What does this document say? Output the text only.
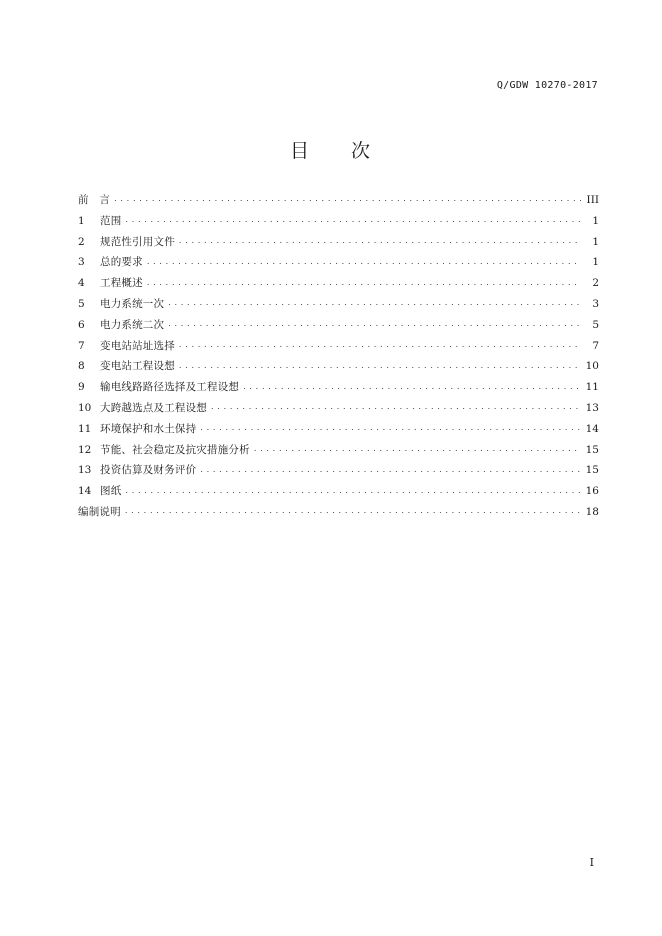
Q/GDW 10270-2017
目 次
前　言 . . .	III
1	范围 . . .	1
2	规范性引用文件 . . .	1
3	总的要求 . . .	1
4	工程概述 . . .	2
5	电力系统一次 . . .	3
6	电力系统二次 . . .	5
7	变电站站址选择 . . .	7
8	变电站工程设想 . . .	10
9	输电线路路径选择及工程设想 . . .	11
10 大跨越选点及工程设想 . . .	13
11 环境保护和水土保持 . . .	14
12 节能、社会稳定及抗灾措施分析 . . .	15
13 投资估算及财务评价 . . .	15
14 图纸 . . .	16
编制说明 . . .	18
I
